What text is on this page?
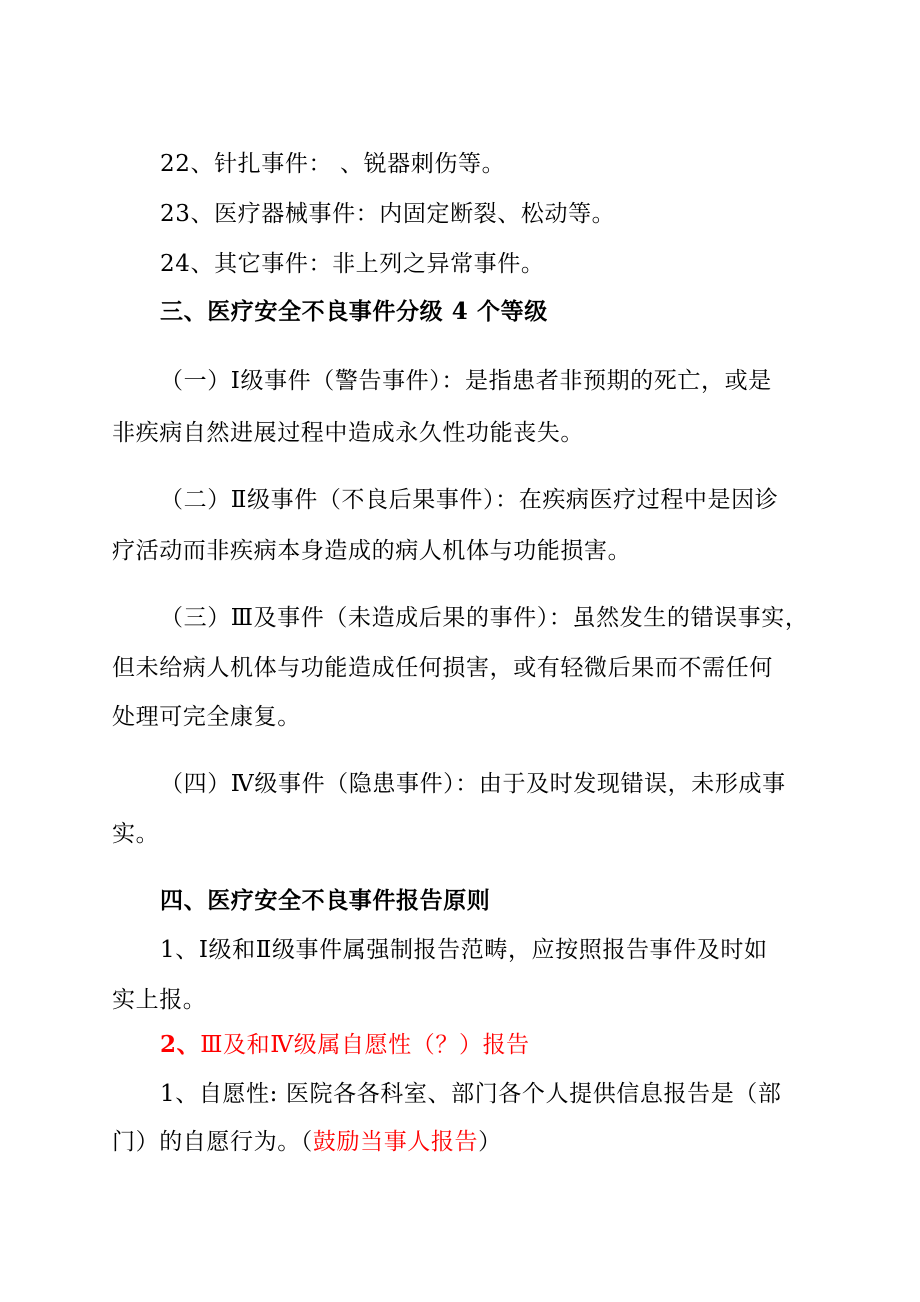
22、针扎事件： 、锐器刺伤等。
23、医疗器械事件：内固定断裂、松动等。
24、其它事件：非上列之异常事件。
三、医疗安全不良事件分级 4 个等级
（一）Ⅰ级事件（警告事件）：是指患者非预期的死亡，或是
非疾病自然进展过程中造成永久性功能丧失。
（二）Ⅱ级事件（不良后果事件）：在疾病医疗过程中是因诊
疗活动而非疾病本身造成的病人机体与功能损害。
（三）Ⅲ及事件（未造成后果的事件）：虽然发生的错误事实，
但未给病人机体与功能造成任何损害，或有轻微后果而不需任何
处理可完全康复。
（四）Ⅳ级事件（隐患事件）：由于及时发现错误，未形成事
实。
四、医疗安全不良事件报告原则
1、Ⅰ级和Ⅱ级事件属强制报告范畴，应按照报告事件及时如
实上报。
2、Ⅲ及和Ⅳ级属自愿性（？）报告
1、自愿性: 医院各各科室、部门各个人提供信息报告是（部
门）的自愿行为。（鼓励当事人报告）
